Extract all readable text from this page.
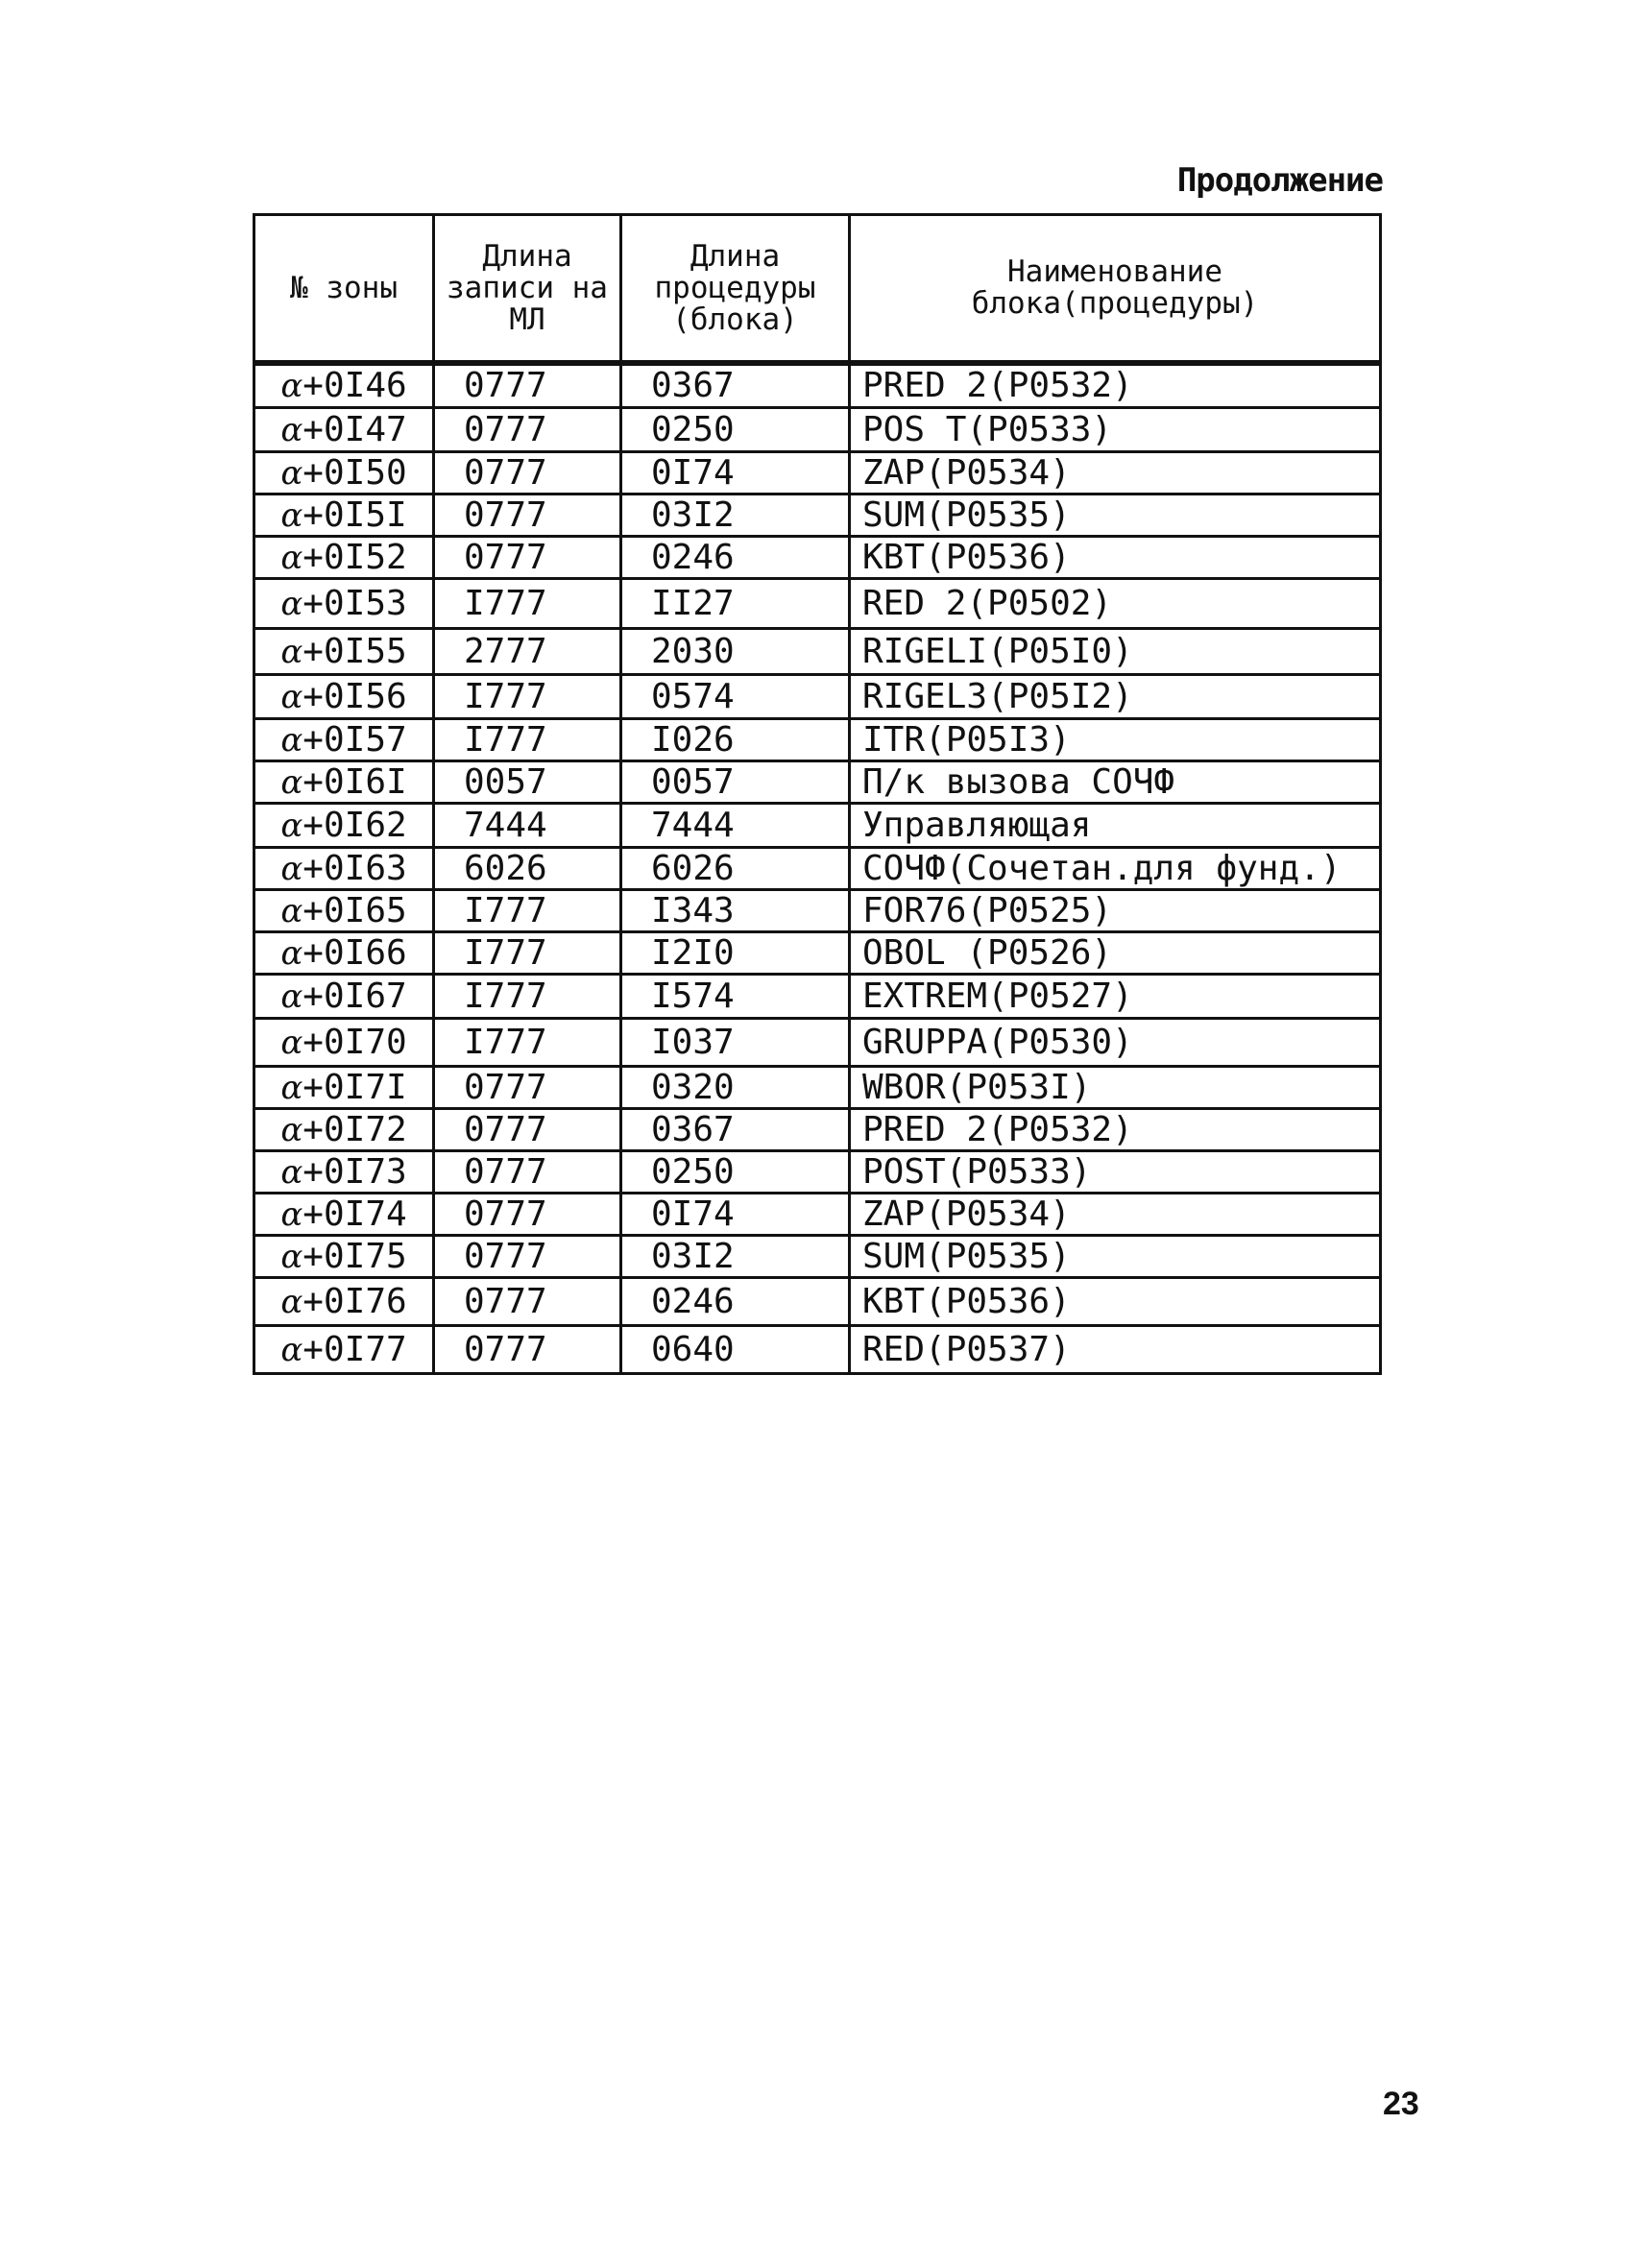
Продолжение
№ зоны	Длина записи на МЛ	Длина процедуры (блока)	Наименование блока(процедуры)
α+0I46	0777	0367	PRED 2(P0532)
α+0I47	0777	0250	POS T(P0533)
α+0I50	0777	0I74	ZAP(P0534)
α+0I5I	0777	03I2	SUM(P0535)
α+0I52	0777	0246	KBT(P0536)
α+0I53	I777	II27	RED 2(P0502)
α+0I55	2777	2030	RIGELI(P05I0)
α+0I56	I777	0574	RIGEL3(P05I2)
α+0I57	I777	I026	ITR(P05I3)
α+0I6I	0057	0057	П/к вызова СОЧФ
α+0I62	7444	7444	Управляющая
α+0I63	6026	6026	СОЧФ(Сочетан.для фунд.)
α+0I65	I777	I343	FOR76(P0525)
α+0I66	I777	I2I0	OBOL (P0526)
α+0I67	I777	I574	EXTREM(P0527)
α+0I70	I777	I037	GRUPPA(P0530)
α+0I7I	0777	0320	WBOR(P053I)
α+0I72	0777	0367	PRED 2(P0532)
α+0I73	0777	0250	POST(P0533)
α+0I74	0777	0I74	ZAP(P0534)
α+0I75	0777	03I2	SUM(P0535)
α+0I76	0777	0246	KBT(P0536)
α+0I77	0777	0640	RED(P0537)
23
